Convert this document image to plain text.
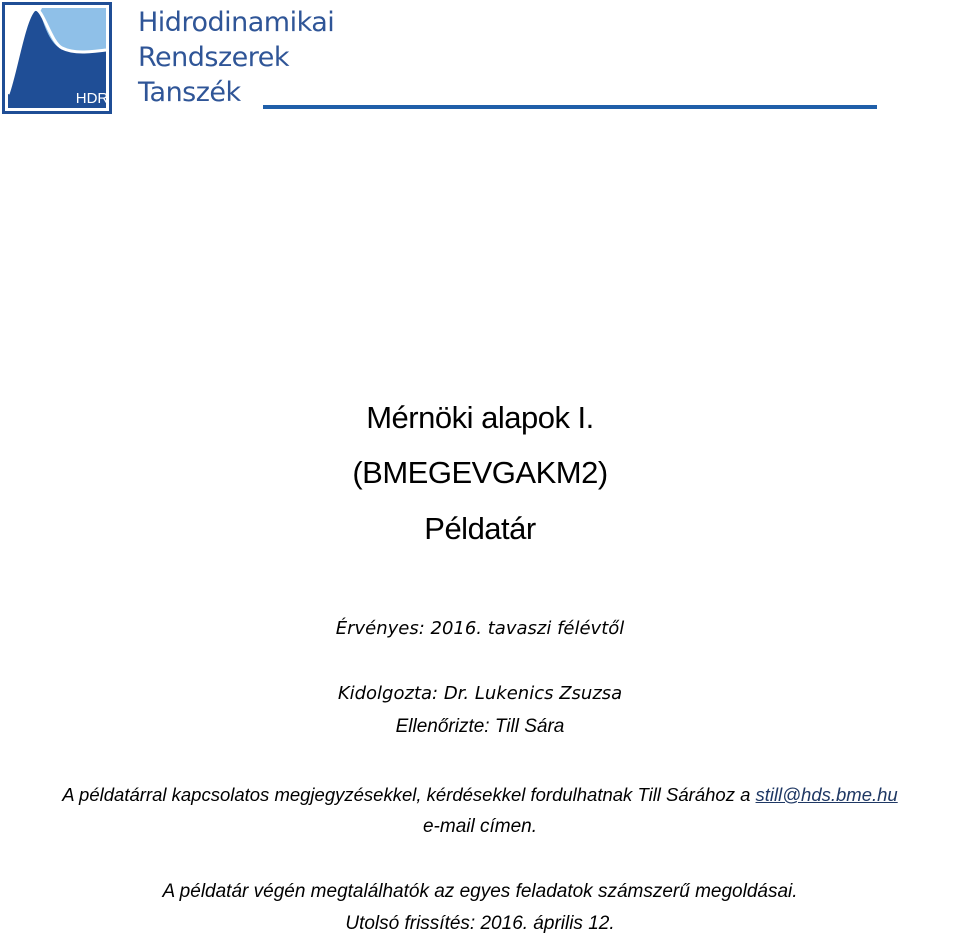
HDR
Hidrodinamikai
Rendszerek
Tanszék
Mérnöki alapok I.
(BMEGEVGAKM2)
Példatár
Érvényes: 2016. tavaszi félévtől
Kidolgozta: Dr. Lukenics Zsuzsa
Ellenőrizte: Till Sára
A példatárral kapcsolatos megjegyzésekkel, kérdésekkel fordulhatnak Till Sárához a still@hds.bme.hu
e-mail címen.
A példatár végén megtalálhatók az egyes feladatok számszerű megoldásai.
Utolsó frissítés: 2016. április 12.
